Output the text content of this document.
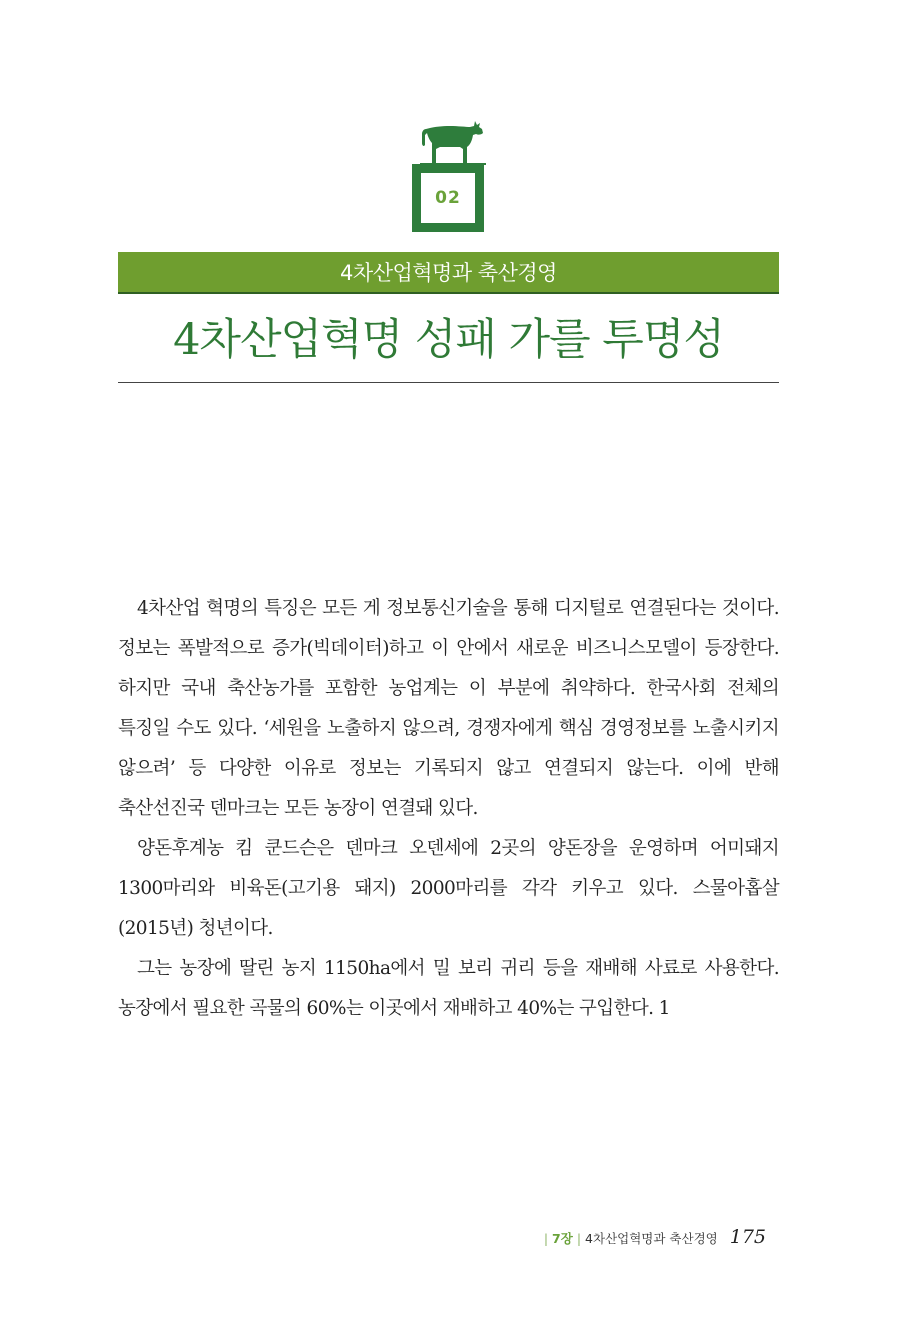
02
4차산업혁명과 축산경영
4차산업혁명 성패 가를 투명성

4차산업 혁명의 특징은 모든 게 정보통신기술을 통해 디지털로 연결된다는 것이다. 정보는 폭발적으로 증가(빅데이터)하고 이 안에서 새로운 비즈니스모델이 등장한다. 하지만 국내 축산농가를 포함한 농업계는 이 부분에 취약하다. 한국사회 전체의 특징일 수도 있다. ‘세원을 노출하지 않으려, 경쟁자에게 핵심 경영정보를 노출시키지 않으려’ 등 다양한 이유로 정보는 기록되지 않고 연결되지 않는다. 이에 반해 축산선진국 덴마크는 모든 농장이 연결돼 있다.

양돈후계농 킴 쿤드슨은 덴마크 오덴세에 2곳의 양돈장을 운영하며 어미돼지 1300마리와 비육돈(고기용 돼지) 2000마리를 각각 키우고 있다. 스물아홉살(2015년) 청년이다.

그는 농장에 딸린 농지 1150ha에서 밀 보리 귀리 등을 재배해 사료로 사용한다. 농장에서 필요한 곡물의 60%는 이곳에서 재배하고 40%는 구입한다. 1

| 7장 | 4차산업혁명과 축산경영 175
